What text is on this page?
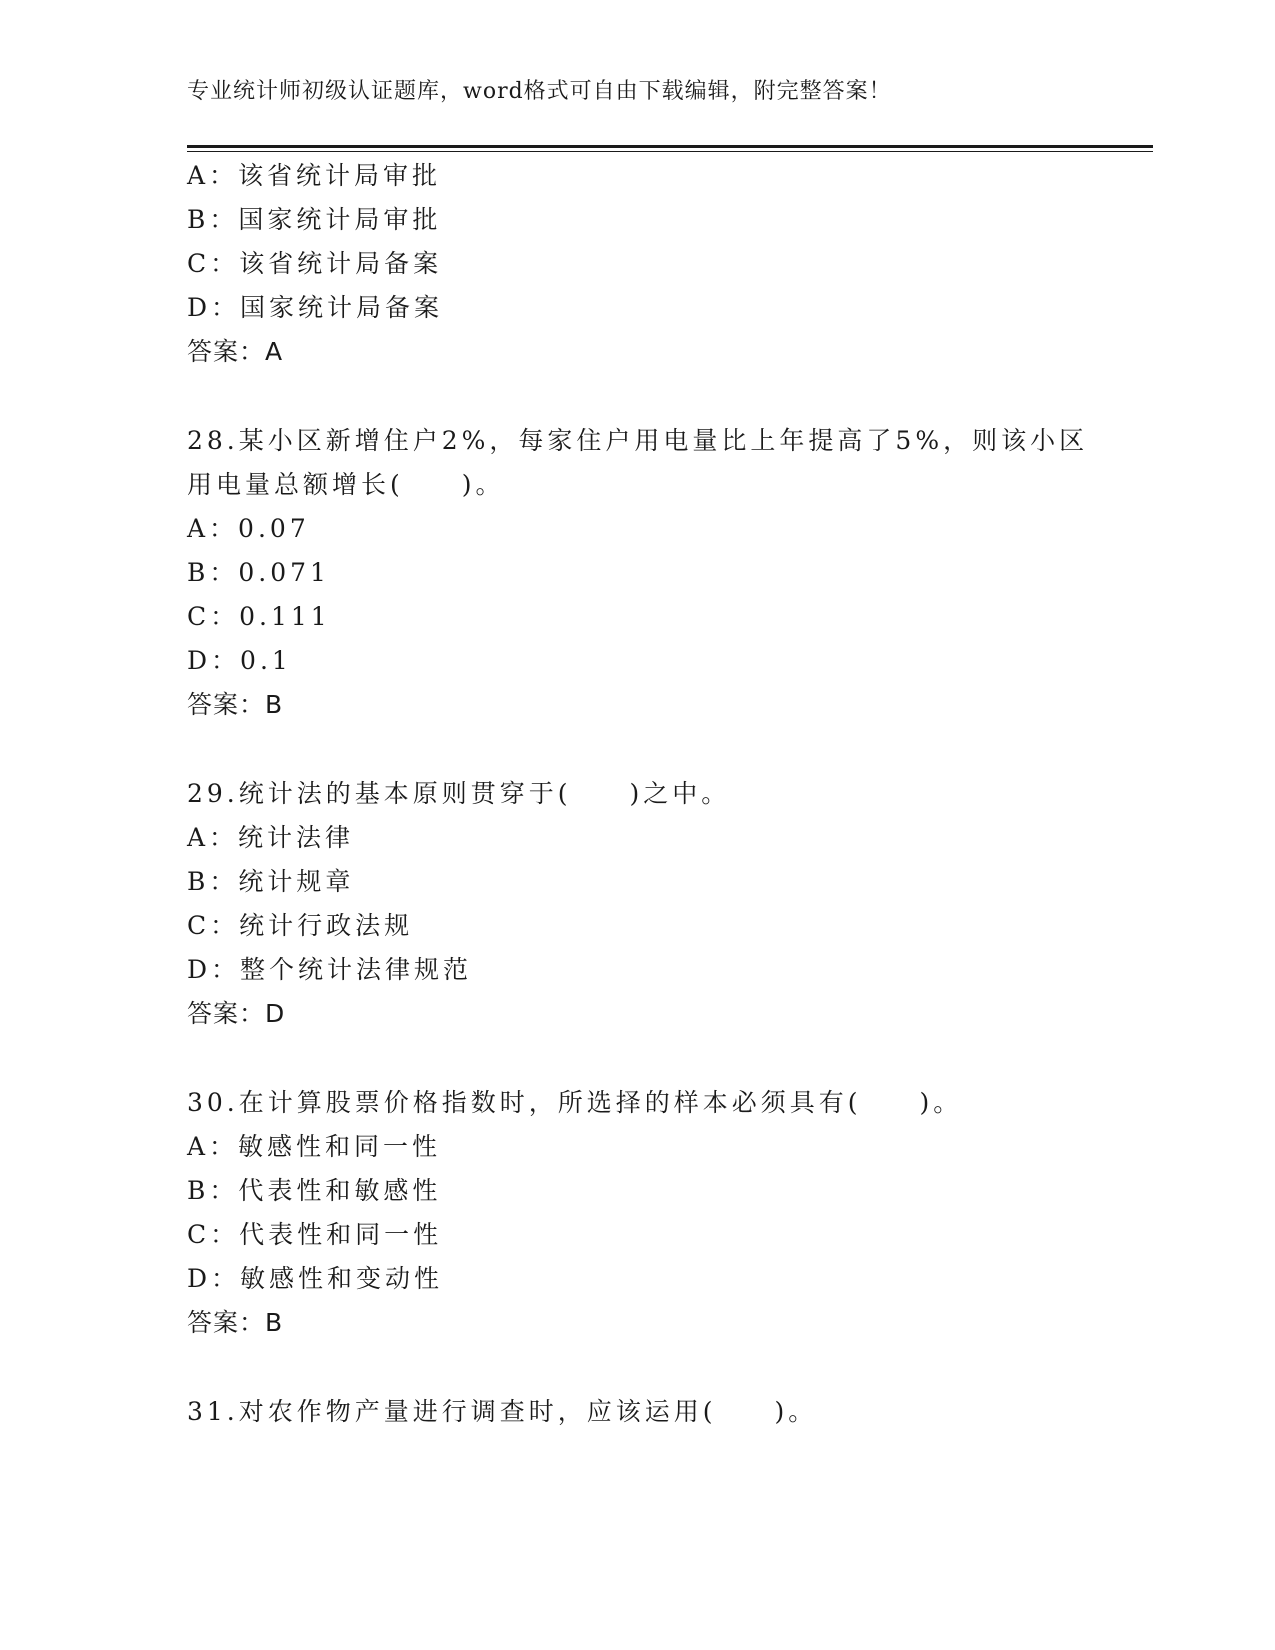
专业统计师初级认证题库，word格式可自由下载编辑，附完整答案！
A：该省统计局审批
B：国家统计局审批
C：该省统计局备案
D：国家统计局备案
答案：A
28.某小区新增住户2%，每家住户用电量比上年提高了5%，则该小区
用电量总额增长(　　)。
A：0.07
B：0.071
C：0.111
D：0.1
答案：B
29.统计法的基本原则贯穿于(　　)之中。
A：统计法律
B：统计规章
C：统计行政法规
D：整个统计法律规范
答案：D
30.在计算股票价格指数时，所选择的样本必须具有(　　)。
A：敏感性和同一性
B：代表性和敏感性
C：代表性和同一性
D：敏感性和变动性
答案：B
31.对农作物产量进行调查时，应该运用(　　)。
